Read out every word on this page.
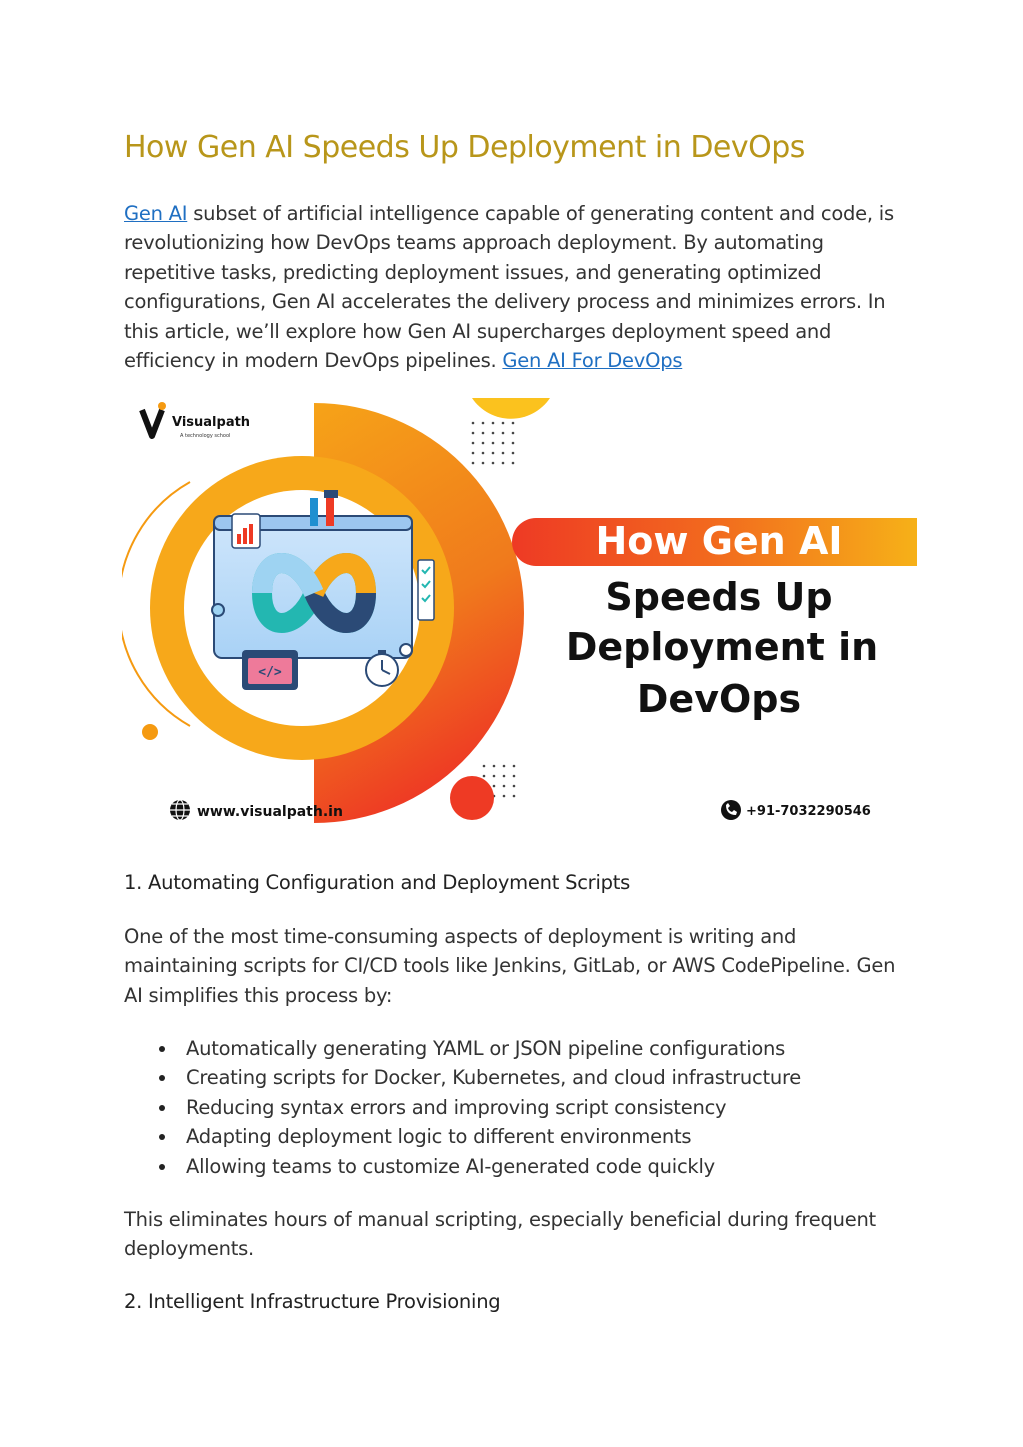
How Gen AI Speeds Up Deployment in DevOps
Gen AI subset of artificial intelligence capable of generating content and code, is revolutionizing how DevOps teams approach deployment. By automating repetitive tasks, predicting deployment issues, and generating optimized configurations, Gen AI accelerates the delivery process and minimizes errors. In this article, we’ll explore how Gen AI supercharges deployment speed and efficiency in modern DevOps pipelines. Gen AI For DevOps
Visualpath
A technology school
</>
How Gen AI
Speeds Up
Deployment in
DevOps
www.visualpath.in	+91-7032290546
1. Automating Configuration and Deployment Scripts
One of the most time-consuming aspects of deployment is writing and maintaining scripts for CI/CD tools like Jenkins, GitLab, or AWS CodePipeline. Gen AI simplifies this process by:
Automatically generating YAML or JSON pipeline configurations
Creating scripts for Docker, Kubernetes, and cloud infrastructure
Reducing syntax errors and improving script consistency
Adapting deployment logic to different environments
Allowing teams to customize AI-generated code quickly
This eliminates hours of manual scripting, especially beneficial during frequent deployments.
2. Intelligent Infrastructure Provisioning
